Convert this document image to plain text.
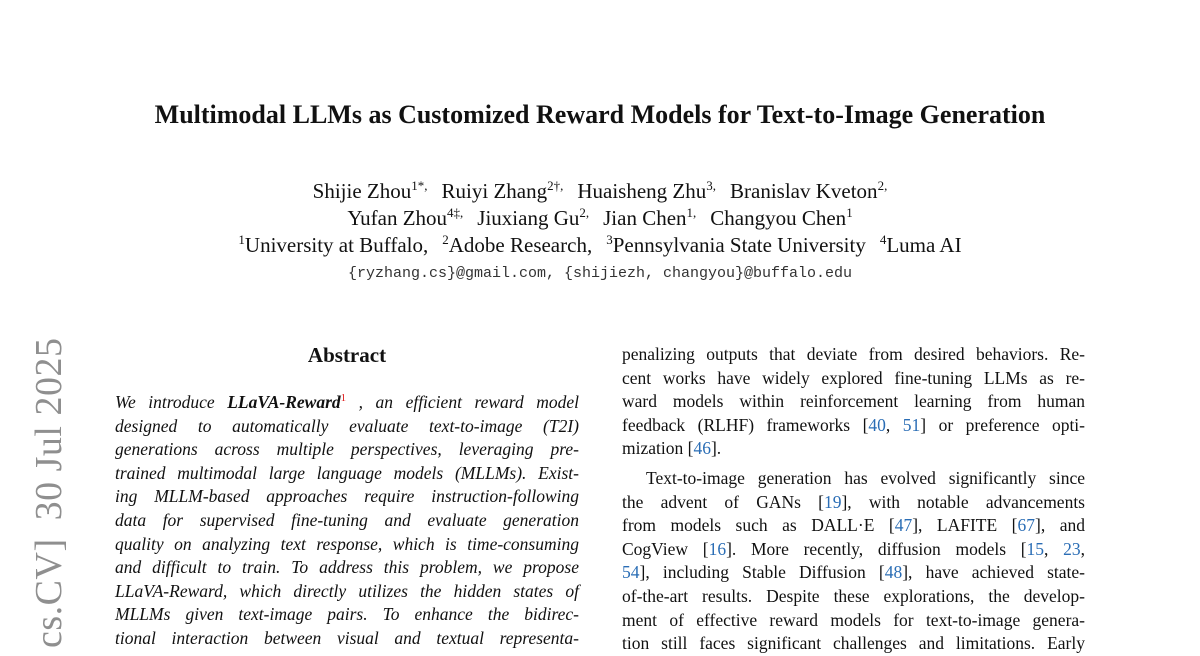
cs.CV]30 Jul 2025
Multimodal LLMs as Customized Reward Models for Text-to-Image Generation
Shijie Zhou$^{1*,}$ Ruiyi Zhang$^{2\dagger,}$ Huaisheng Zhu$^{3,}$ Branislav Kveton$^{2,}$
Yufan Zhou$^{4\ddagger,}$ Jiuxiang $Gu^{2,}$ Jian Chen$^{1,}$ Changyou Chen$^1$
$^1$University at Buffalo, $^2$Adobe Research, $^3$Pennsylvania State University $^4$Luma AI
{ryzhang.cs}@gmail.com, {shijiezh, changyou}@buffalo.edu
Abstract
We introduce LLaVA-Reward$^1$ , an efficient reward model
designed to automatically evaluate text-to-image (T2I)
generations across multiple perspectives, leveraging pre-
trained multimodal large language models (MLLMs). Exist-
ing MLLM-based approaches require instruction-following
data for supervised fine-tuning and evaluate generation
quality on analyzing text response, which is time-consuming
and difficult to train. To address this problem, we propose
LLaVA-Reward, which directly utilizes the hidden states of
MLLMs given text-image pairs. To enhance the bidirec-
tional interaction between visual and textual representa-
penalizing outputs that deviate from desired behaviors. Re-
cent works have widely explored fine-tuning LLMs as re-
ward models within reinforcement learning from human
feedback (RLHF) frameworks [40, 51] or preference opti-
mization [46].
Text-to-image generation has evolved significantly since
the advent of GANs [19], with notable advancements
from models such as DALL·E [47], LAFITE [67], and
CogView [16]. More recently, diffusion models [15, 23,
54], including Stable Diffusion [48], have achieved state-
of-the-art results. Despite these explorations, the develop-
ment of effective reward models for text-to-image genera-
tion still faces significant challenges and limitations. Early
